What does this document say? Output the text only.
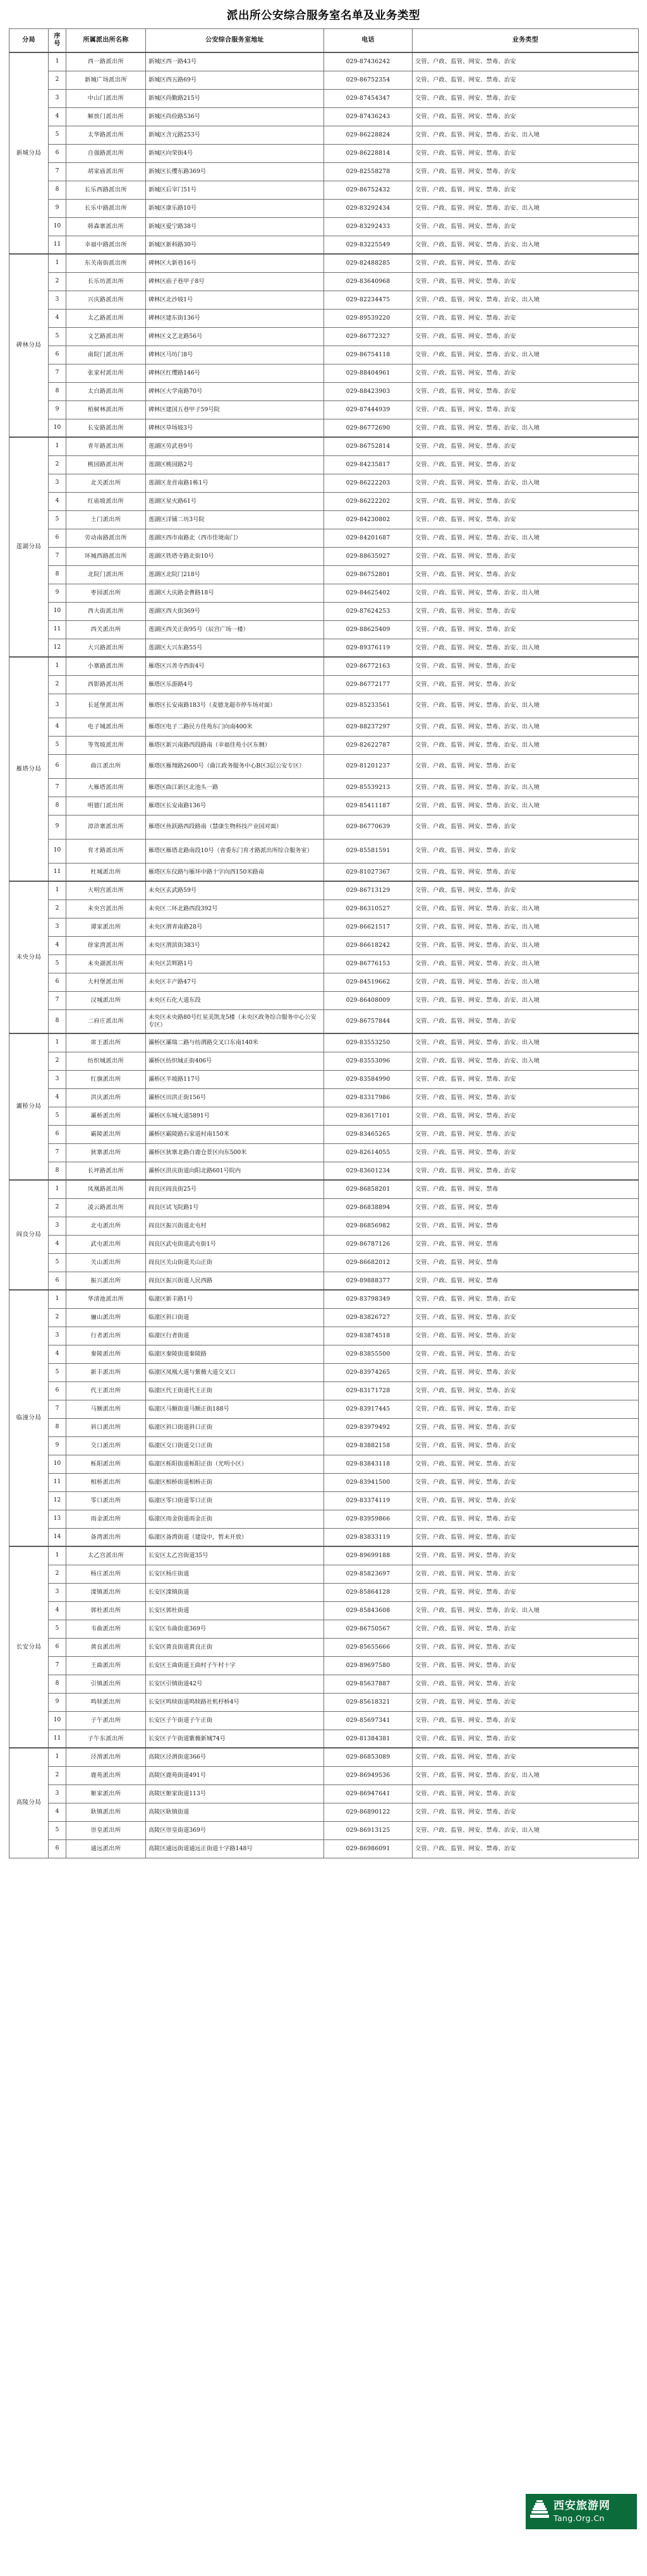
派出所公安综合服务室名单及业务类型
分局	序号	所属派出所名称	公安综合服务室地址	电话	业务类型
新城分局	1	西一路派出所	新城区西一路43号	029-87436242	交管、户政、监管、网安、禁毒、治安
	2	新城广场派出所	新城区西五路69号	029-86752354	交管、户政、监管、网安、禁毒、治安
	3	中山门派出所	新城区尚勤路215号	029-87454347	交管、户政、监管、网安、禁毒、治安
	4	解放门派出所	新城区尚俭路536号	029-87436243	交管、户政、监管、网安、禁毒、治安
	5	太华路派出所	新城区含元路253号	029-86228824	交管、户政、监管、网安、禁毒、治安、出入境
	6	自强路派出所	新城区向荣街4号	029-86228814	交管、户政、监管、网安、禁毒、治安
	7	胡家庙派出所	新城区长缨东路369号	029-82558278	交管、户政、监管、网安、禁毒、治安
	8	长乐西路派出所	新城区后宰门51号	029-86752432	交管、户政、监管、网安、禁毒、治安
	9	长乐中路派出所	新城区康乐路10号	029-83292434	交管、户政、监管、网安、禁毒、治安、出入境
	10	韩森寨派出所	新城区爱宁路38号	029-83292433	交管、户政、监管、网安、禁毒、治安
	11	幸福中路派出所	新城区新科路30号	029-83225549	交管、户政、监管、网安、禁毒、治安、出入境
碑林分局	1	东关南街派出所	碑林区大新巷16号	029-82488285	交管、户政、监管、网安、禁毒、治安
	2	长乐坊派出所	碑林区庙子巷甲子8号	029-83640968	交管、户政、监管、网安、禁毒、治安
	3	兴庆路派出所	碑林区北沙坡1号	029-82234475	交管、户政、监管、网安、禁毒、治安、出入境
	4	太乙路派出所	碑林区建东街136号	029-89539220	交管、户政、监管、网安、禁毒、治安
	5	文艺路派出所	碑林区文艺北路56号	029-86772327	交管、户政、监管、网安、禁毒、治安
	6	南院门派出所	碑林区马坊门8号	029-86754118	交管、户政、监管、网安、禁毒、治安、出入境
	7	张家村派出所	碑林区红缨路146号	029-88404961	交管、户政、监管、网安、禁毒、治安
	8	太白路派出所	碑林区大学南路70号	029-88423903	交管、户政、监管、网安、禁毒、治安
	9	柏树林派出所	碑林区建国五巷甲子59号院	029-87444939	交管、户政、监管、网安、禁毒、治安
	10	长安路派出所	碑林区草场坡3号	029-86772690	交管、户政、监管、网安、禁毒、治安、出入境
莲湖分局	1	青年路派出所	莲湖区劳武巷9号	029-86752814	交管、户政、监管、网安、禁毒、治安
	2	桃园路派出所	莲湖区桃园路2号	029-84235817	交管、户政、监管、网安、禁毒、治安
	3	北关派出所	莲湖区龙首南路1栋1号	029-86222203	交管、户政、监管、网安、禁毒、治安、出入境
	4	红庙坡派出所	莲湖区星火路61号	029-86222202	交管、户政、监管、网安、禁毒、治安
	5	土门派出所	莲湖区洋铺二坊3号院	029-84230802	交管、户政、监管、网安、禁毒、治安
	6	劳动南路派出所	莲湖区西市南路北（西市佳境南门）	029-84201687	交管、户政、监管、网安、禁毒、治安、出入境
	7	环城西路派出所	莲湖区铁塔寺路北街10号	029-88635927	交管、户政、监管、网安、禁毒、治安
	8	北院门派出所	莲湖区北院门218号	029-86752801	交管、户政、监管、网安、禁毒、治安
	9	枣园派出所	莲湖区大庆路金曹路18号	029-84625402	交管、户政、监管、网安、禁毒、治安、出入境
	10	西大街派出所	莲湖区西大街369号	029-87624253	交管、户政、监管、网安、禁毒、治安
	11	西关派出所	莲湖区西关正街95号（辰宫广场一楼）	029-88625409	交管、户政、监管、网安、禁毒、治安
	12	大兴路派出所	莲湖区大兴东路55号	029-89376119	交管、户政、监管、网安、禁毒、治安、出入境
雁塔分局	1	小寨路派出所	雁塔区兴善寺西街4号	029-86772163	交管、户政、监管、网安、禁毒、治安
	2	西影路派出所	雁塔区乐游路4号	029-86772177	交管、户政、监管、网安、禁毒、治安
	3	长延堡派出所	雁塔区长安南路183号（麦德龙超市停车场对面）	029-85233561	交管、户政、监管、网安、禁毒、治安、出入境
	4	电子城派出所	雁塔区电子二路民方佳苑东门向南400米	029-88237297	交管、户政、监管、网安、禁毒、治安、出入境
	5	等驾坡派出所	雁塔区新兴南路西段路南（幸福佳苑小区东侧）	029-82622787	交管、户政、监管、网安、禁毒、治安、出入境
	6	曲江派出所	雁塔区雁翔路2600号（曲江政务服务中心B区3层公安专区）	029-81201237	交管、户政、监管、网安、禁毒、治安
	7	大雁塔派出所	雁塔区曲江新区北池头一路	029-85539213	交管、户政、监管、网安、禁毒、治安、出入境
	8	明德门派出所	雁塔区长安南路136号	029-85411187	交管、户政、监管、网安、禁毒、治安、出入境
	9	漳浒寨派出所	雁塔区鱼跃路西段路南（慧康生物科技产业园对面）	029-86770639	交管、户政、监管、网安、禁毒、治安
	10	育才路派出所	雁塔区雁塔北路南段10号（省委东门育才路派出所综合服务室）	029-85581591	交管、户政、监管、网安、禁毒、治安
	11	杜城派出所	雁塔区东仪路与雁环中路十字向西150米路南	029-81027367	交管、户政、监管、网安、禁毒、治安
未央分局	1	大明宫派出所	未央区玄武路59号	029-86713129	交管、户政、监管、网安、禁毒、治安
	2	未央宫派出所	未央区二环北路西段392号	029-86310527	交管、户政、监管、网安、禁毒、治安、出入境
	3	谭家派出所	未央区渭青南路28号	029-86621517	交管、户政、监管、网安、禁毒、治安、出入境
	4	徐家湾派出所	未央区渭滨街383号	029-86618242	交管、户政、监管、网安、禁毒、治安、出入境
	5	未央湖派出所	未央区芸辉路1号	029-86776153	交管、户政、监管、网安、禁毒、治安、出入境
	6	大村堡派出所	未央区丰产路47号	029-84519662	交管、户政、监管、网安、禁毒、治安、出入境
	7	汉城派出所	未央区石化大道东段	029-86408009	交管、户政、监管、网安、禁毒、治安、出入境
	8	二府庄派出所	未央区未央路80号红星美凯龙5楼（未央区政务综合服务中心公安专区）	029-86757844	交管、户政、监管、网安、禁毒、治安
灞桥分局	1	席王派出所	灞桥区灞瑞二路与纺渭路交叉口东南140米	029-83553250	交管、户政、监管、网安、禁毒、治安、出入境
	2	纺织城派出所	灞桥区纺织城正街406号	029-83553096	交管、户政、监管、网安、禁毒、治安、出入境
	3	红旗派出所	灞桥区半坡路117号	029-83584990	交管、户政、监管、网安、禁毒、治安
	4	洪庆派出所	灞桥区田洪正街156号	029-83317986	交管、户政、监管、网安、禁毒、治安
	5	灞桥派出所	灞桥区东城大道5891号	029-83617101	交管、户政、监管、网安、禁毒、治安
	6	霸陵派出所	灞桥区霸陵路石家道村南150米	029-83465265	交管、户政、监管、网安、禁毒、治安
	7	狄寨派出所	灞桥区狄寨北路白鹿仓景区向东500米	029-82614055	交管、户政、监管、网安、禁毒、治安
	8	长坪路派出所	灞桥区洪庆街道向阳北路601号院内	029-83601234	交管、户政、监管、网安、禁毒、治安
阎良分局	1	凤凰路派出所	阎良区阎良街25号	029-86858201	交管、户政、监管、网安、禁毒
	2	凌云路派出所	阎良区试飞院路1号	029-86838894	交管、户政、监管、网安、禁毒
	3	北屯派出所	阎良区振兴街道北屯村	029-86856982	交管、户政、监管、网安、禁毒
	4	武屯派出所	阎良区武屯街道武屯街1号	029-86787126	交管、户政、监管、网安、禁毒
	5	关山派出所	阎良区关山街道关山正街	029-86682012	交管、户政、监管、网安、禁毒
	6	振兴派出所	阎良区振兴街道人民西路	029-89888377	交管、户政、监管、网安、禁毒
临潼分局	1	华清池派出所	临潼区新丰路1号	029-83798349	交管、户政、监管、网安、禁毒、治安
	2	骊山派出所	临潼区斜口街道	029-83826727	交管、户政、监管、网安、禁毒、治安
	3	行者派出所	临潼区行者街道	029-83874518	交管、户政、监管、网安、禁毒、治安
	4	秦陵派出所	临潼区秦陵街道秦陵路	029-83855500	交管、户政、监管、网安、禁毒、治安
	5	新丰派出所	临潼区凤凰大道与紫薇大道交叉口	029-83974265	交管、户政、监管、网安、禁毒、治安
	6	代王派出所	临潼区代王街道代王正街	029-83171728	交管、户政、监管、网安、禁毒、治安
	7	马额派出所	临潼区马额街道马额正街188号	029-83917445	交管、户政、监管、网安、禁毒、治安
	8	斜口派出所	临潼区斜口街道斜口正街	029-83979492	交管、户政、监管、网安、禁毒、治安
	9	交口派出所	临潼区交口街道交口正街	029-83882158	交管、户政、监管、网安、禁毒、治安
	10	栎阳派出所	临潼区栎阳街道栎阳正街（光明小区）	029-83843118	交管、户政、监管、网安、禁毒、治安
	11	相桥派出所	临潼区相桥街道相桥正街	029-83941500	交管、户政、监管、网安、禁毒、治安
	12	零口派出所	临潼区零口街道零口正街	029-83374119	交管、户政、监管、网安、禁毒、治安
	13	雨金派出所	临潼区雨金街道雨金正街	029-83959866	交管、户政、监管、网安、禁毒、治安
	14	备湾派出所	临潼区备湾街道（建设中，暂未开放）	029-83833119	交管、户政、监管、网安、禁毒、治安
长安分局	1	太乙宫派出所	长安区太乙宫街道35号	029-89699188	交管、户政、监管、网安、禁毒、治安
	2	杨庄派出所	长安区杨庄街道	029-85823697	交管、户政、监管、网安、禁毒、治安
	3	滦镇派出所	长安区滦镇街道	029-85864128	交管、户政、监管、网安、禁毒、治安
	4	郭杜派出所	长安区郭杜街道	029-85843608	交管、户政、监管、网安、禁毒、治安、出入境
	5	韦曲派出所	长安区韦曲街道369号	029-86750567	交管、户政、监管、网安、禁毒、治安
	6	黄良派出所	长安区黄良街道黄良正街	029-85655666	交管、户政、监管、网安、禁毒、治安
	7	王曲派出所	长安区王曲街道王曲村子午村十字	029-89697580	交管、户政、监管、网安、禁毒、治安
	8	引镇派出所	长安区引镇街道42号	029-85637887	交管、户政、监管、网安、禁毒、治安
	9	鸣犊派出所	长安区鸣犊街道鸣犊路社机杼桥4号	029-85618321	交管、户政、监管、网安、禁毒、治安
	10	子午派出所	长安区子午街道子午正街	029-85697341	交管、户政、监管、网安、禁毒、治安
	11	子午东派出所	长安区子午街道紫薇新城74号	029-81384381	交管、户政、监管、网安、禁毒、治安
高陵分局	1	泾渭派出所	高陵区泾渭街道366号	029-86853089	交管、户政、监管、网安、禁毒、治安
	2	鹿苑派出所	高陵区鹿苑街道491号	029-86949536	交管、户政、监管、网安、禁毒、治安、出入境
	3	姬家派出所	高陵区姬家街道113号	029-86947641	交管、户政、监管、网安、禁毒、治安
	4	耿镇派出所	高陵区耿镇街道	029-86890122	交管、户政、监管、网安、禁毒、治安
	5	崇皇派出所	高陵区崇皇街道369号	029-86913125	交管、户政、监管、网安、禁毒、治安、出入境
	6	通远派出所	高陵区通远街道通远正街道十字路148号	029-86986091	交管、户政、监管、网安、禁毒、治安
西安旅游网
Tang.Org.Cn
